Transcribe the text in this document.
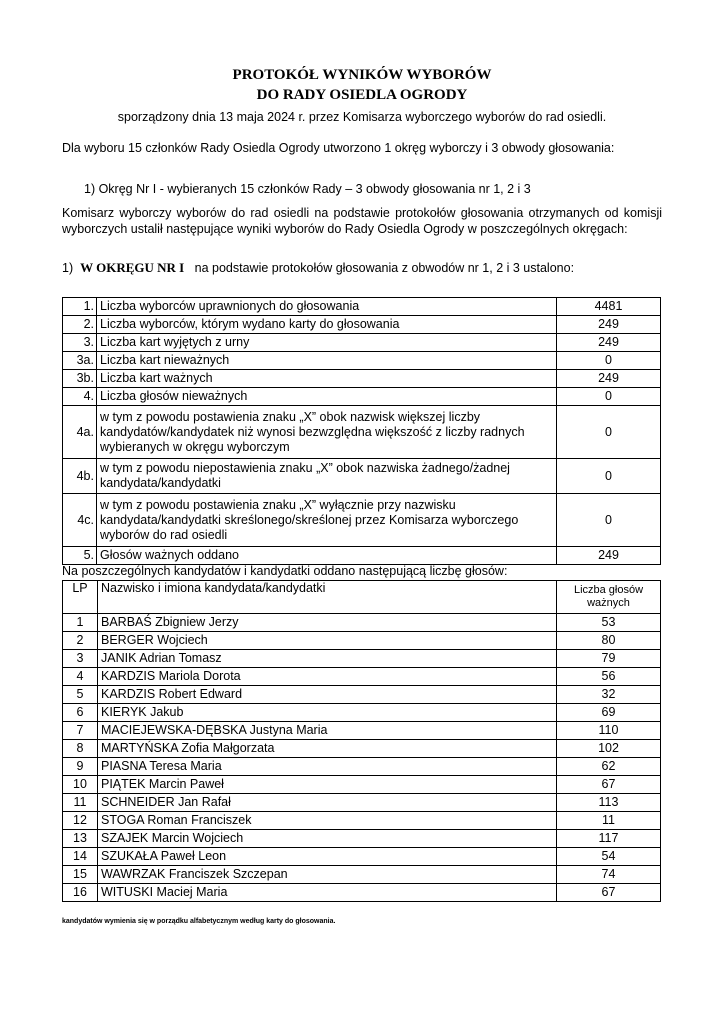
PROTOKÓŁ WYNIKÓW WYBORÓW
DO RADY OSIEDLA OGRODY
sporządzony dnia 13 maja 2024 r. przez Komisarza wyborczego wyborów do rad osiedli.
Dla wyboru 15 członków Rady Osiedla Ogrody utworzono 1 okręg wyborczy i 3 obwody głosowania:
1) Okręg Nr I - wybieranych 15 członków Rady – 3 obwody głosowania nr 1, 2 i 3
Komisarz wyborczy wyborów do rad osiedli na podstawie protokołów głosowania otrzymanych od komisji wyborczych ustalił następujące wyniki wyborów do Rady Osiedla Ogrody w poszczególnych okręgach:
1) W OKRĘGU NR I na podstawie protokołów głosowania z obwodów nr 1, 2 i 3 ustalono:
1.	Liczba wyborców uprawnionych do głosowania	4481
2.	Liczba wyborców, którym wydano karty do głosowania	249
3.	Liczba kart wyjętych z urny	249
3a.	Liczba kart nieważnych	0
3b.	Liczba kart ważnych	249
4.	Liczba głosów nieważnych	0
4a.	w tym z powodu postawienia znaku „X” obok nazwisk większej liczby kandydatów/kandydatek niż wynosi bezwzględna większość z liczby radnych wybieranych w okręgu wyborczym	0
4b.	w tym z powodu niepostawienia znaku „X” obok nazwiska żadnego/żadnej kandydata/kandydatki	0
4c.	w tym z powodu postawienia znaku „X” wyłącznie przy nazwisku kandydata/kandydatki skreślonego/skreślonej przez Komisarza wyborczego wyborów do rad osiedli	0
5.	Głosów ważnych oddano	249
Na poszczególnych kandydatów i kandydatki oddano następującą liczbę głosów:
LP	Nazwisko i imiona kandydata/kandydatki	Liczba głosów ważnych
1	BARBAŚ Zbigniew Jerzy	53
2	BERGER Wojciech	80
3	JANIK Adrian Tomasz	79
4	KARDZIS Mariola Dorota	56
5	KARDZIS Robert Edward	32
6	KIERYK Jakub	69
7	MACIEJEWSKA-DĘBSKA Justyna Maria	110
8	MARTYŃSKA Zofia Małgorzata	102
9	PIASNA Teresa Maria	62
10	PIĄTEK Marcin Paweł	67
11	SCHNEIDER Jan Rafał	113
12	STOGA Roman Franciszek	11
13	SZAJEK Marcin Wojciech	117
14	SZUKAŁA Paweł Leon	54
15	WAWRZAK Franciszek Szczepan	74
16	WITUSKI Maciej Maria	67
kandydatów wymienia się w porządku alfabetycznym według karty do głosowania.
